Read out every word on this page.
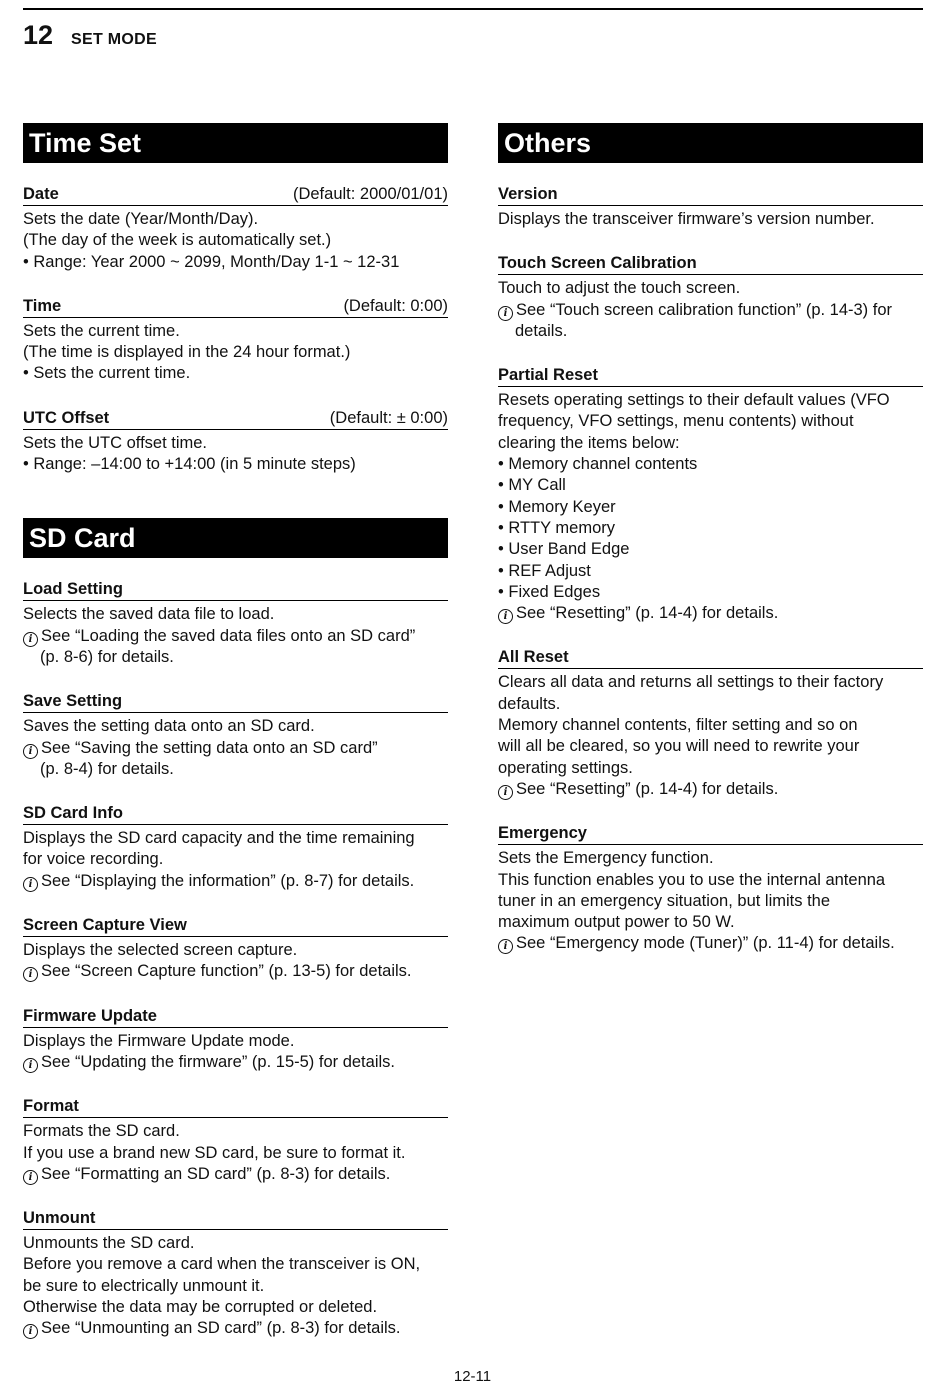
12 SET MODE
Time Set
Date	(Default: 2000/01/01)
Sets the date (Year/Month/Day).
(The day of the week is automatically set.)
• Range: Year 2000 ~ 2099, Month/Day 1-1 ~ 12-31
Time	(Default: 0:00)
Sets the current time.
(The time is displayed in the 24 hour format.)
• Sets the current time.
UTC Offset	(Default: ± 0:00)
Sets the UTC offset time.
• Range: –14:00 to +14:00 (in 5 minute steps)
SD Card
Load Setting
Selects the saved data file to load.
i See “Loading the saved data files onto an SD card”
(p. 8-6) for details.
Save Setting
Saves the setting data onto an SD card.
i See “Saving the setting data onto an SD card”
(p. 8-4) for details.
SD Card Info
Displays the SD card capacity and the time remaining
for voice recording.
i See “Displaying the information” (p. 8-7) for details.
Screen Capture View
Displays the selected screen capture.
i See “Screen Capture function” (p. 13-5) for details.
Firmware Update
Displays the Firmware Update mode.
i See “Updating the firmware” (p. 15-5) for details.
Format
Formats the SD card.
If you use a brand new SD card, be sure to format it.
i See “Formatting an SD card” (p. 8-3) for details.
Unmount
Unmounts the SD card.
Before you remove a card when the transceiver is ON,
be sure to electrically unmount it.
Otherwise the data may be corrupted or deleted.
i See “Unmounting an SD card” (p. 8-3) for details.
Others
Version
Displays the transceiver firmware’s version number.
Touch Screen Calibration
Touch to adjust the touch screen.
i See “Touch screen calibration function” (p. 14-3) for
details.
Partial Reset
Resets operating settings to their default values (VFO
frequency, VFO settings, menu contents) without
clearing the items below:
• Memory channel contents
• MY Call
• Memory Keyer
• RTTY memory
• User Band Edge
• REF Adjust
• Fixed Edges
i See “Resetting” (p. 14-4) for details.
All Reset
Clears all data and returns all settings to their factory
defaults.
Memory channel contents, filter setting and so on
will all be cleared, so you will need to rewrite your
operating settings.
i See “Resetting” (p. 14-4) for details.
Emergency
Sets the Emergency function.
This function enables you to use the internal antenna
tuner in an emergency situation, but limits the
maximum output power to 50 W.
i See “Emergency mode (Tuner)” (p. 11-4) for details.
12-11
